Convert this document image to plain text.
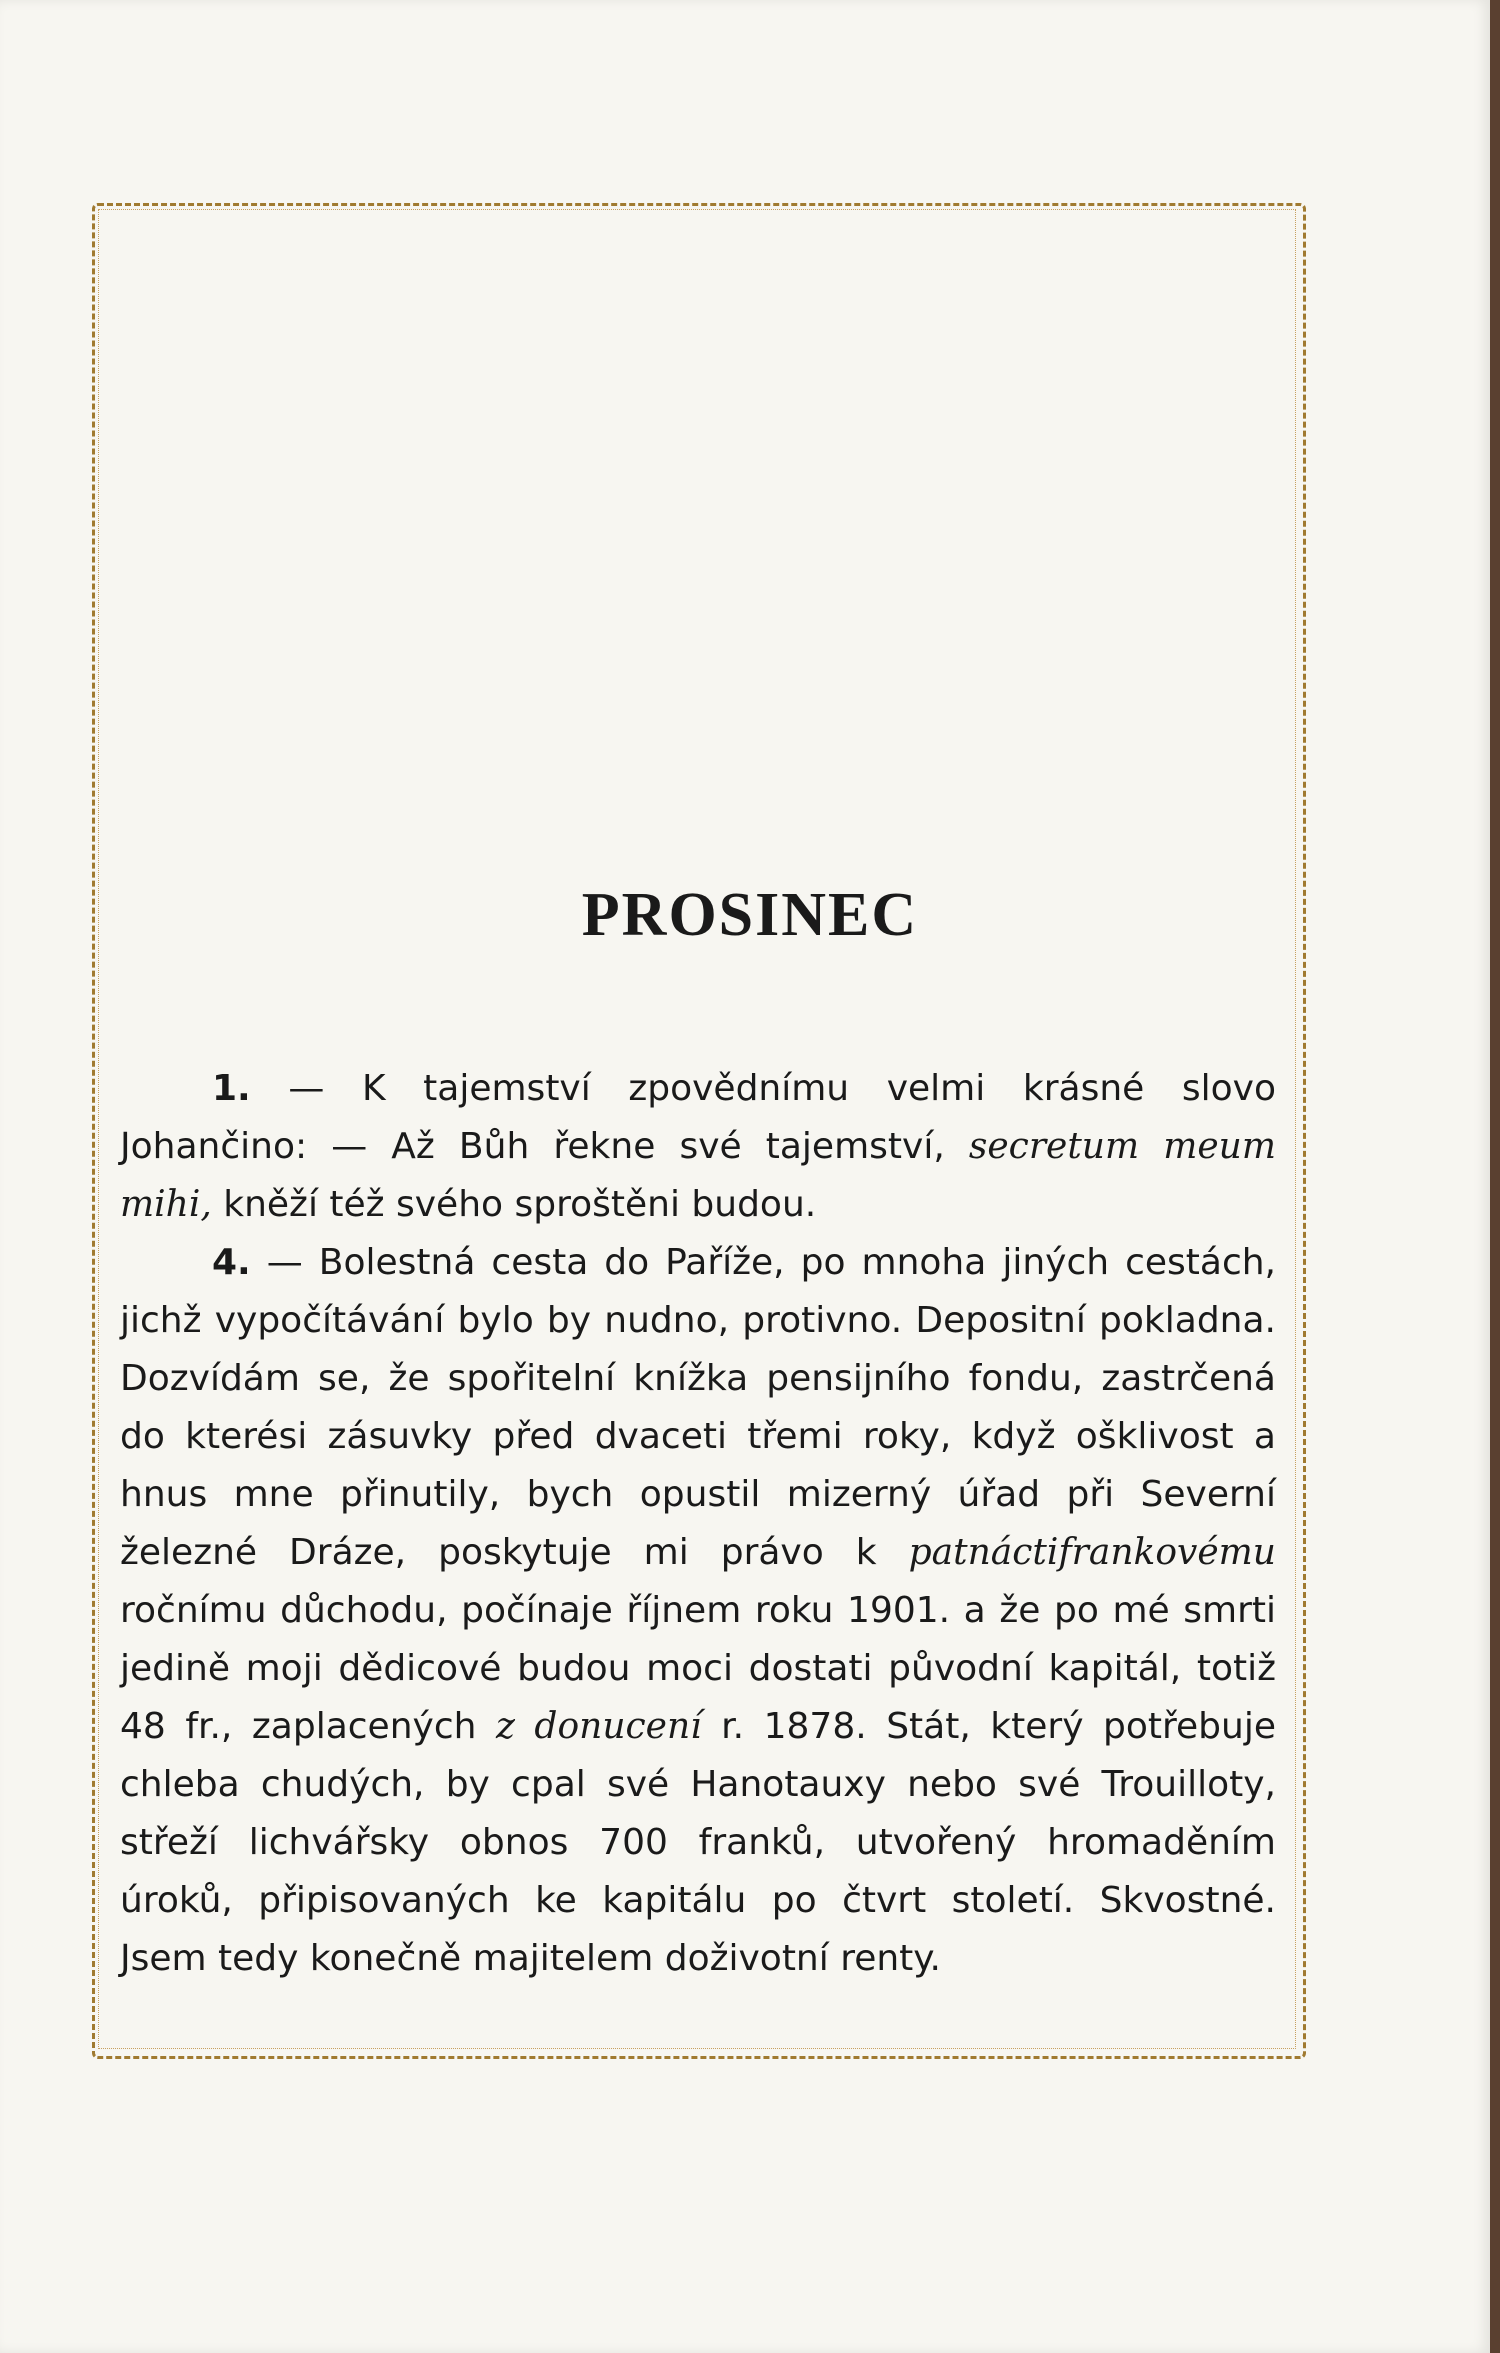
PROSINEC

1. — K tajemství zpovědnímu velmi krásné slovo Johančino: — Až Bůh řekne své tajemství, secretum meum mihi, kněží též svého sproštěni budou.

4. — Bolestná cesta do Paříže, po mnoha jiných cestách, jichž vypočítávání bylo by nudno, protivno. Depositní pokladna. Dozvídám se, že spořitelní knížka pensijního fondu, zastrčená do kterési zásuvky před dvaceti třemi roky, když ošklivost a hnus mne přinutily, bych opustil mizerný úřad při Severní železné Dráze, poskytuje mi právo k patnáctifrankovému ročnímu důchodu, počínaje říjnem roku 1901. a že po mé smrti jedině moji dědicové budou moci dostati původní kapitál, totiž 48 fr., zaplacených z donucení r. 1878. Stát, který potřebuje chleba chudých, by cpal své Hanotauxy nebo své Trouilloty, střeží lichvářsky obnos 700 franků, utvořený hromaděním úroků, připisovaných ke kapitálu po čtvrt století. Skvostné. Jsem tedy konečně majitelem doživotní renty.
